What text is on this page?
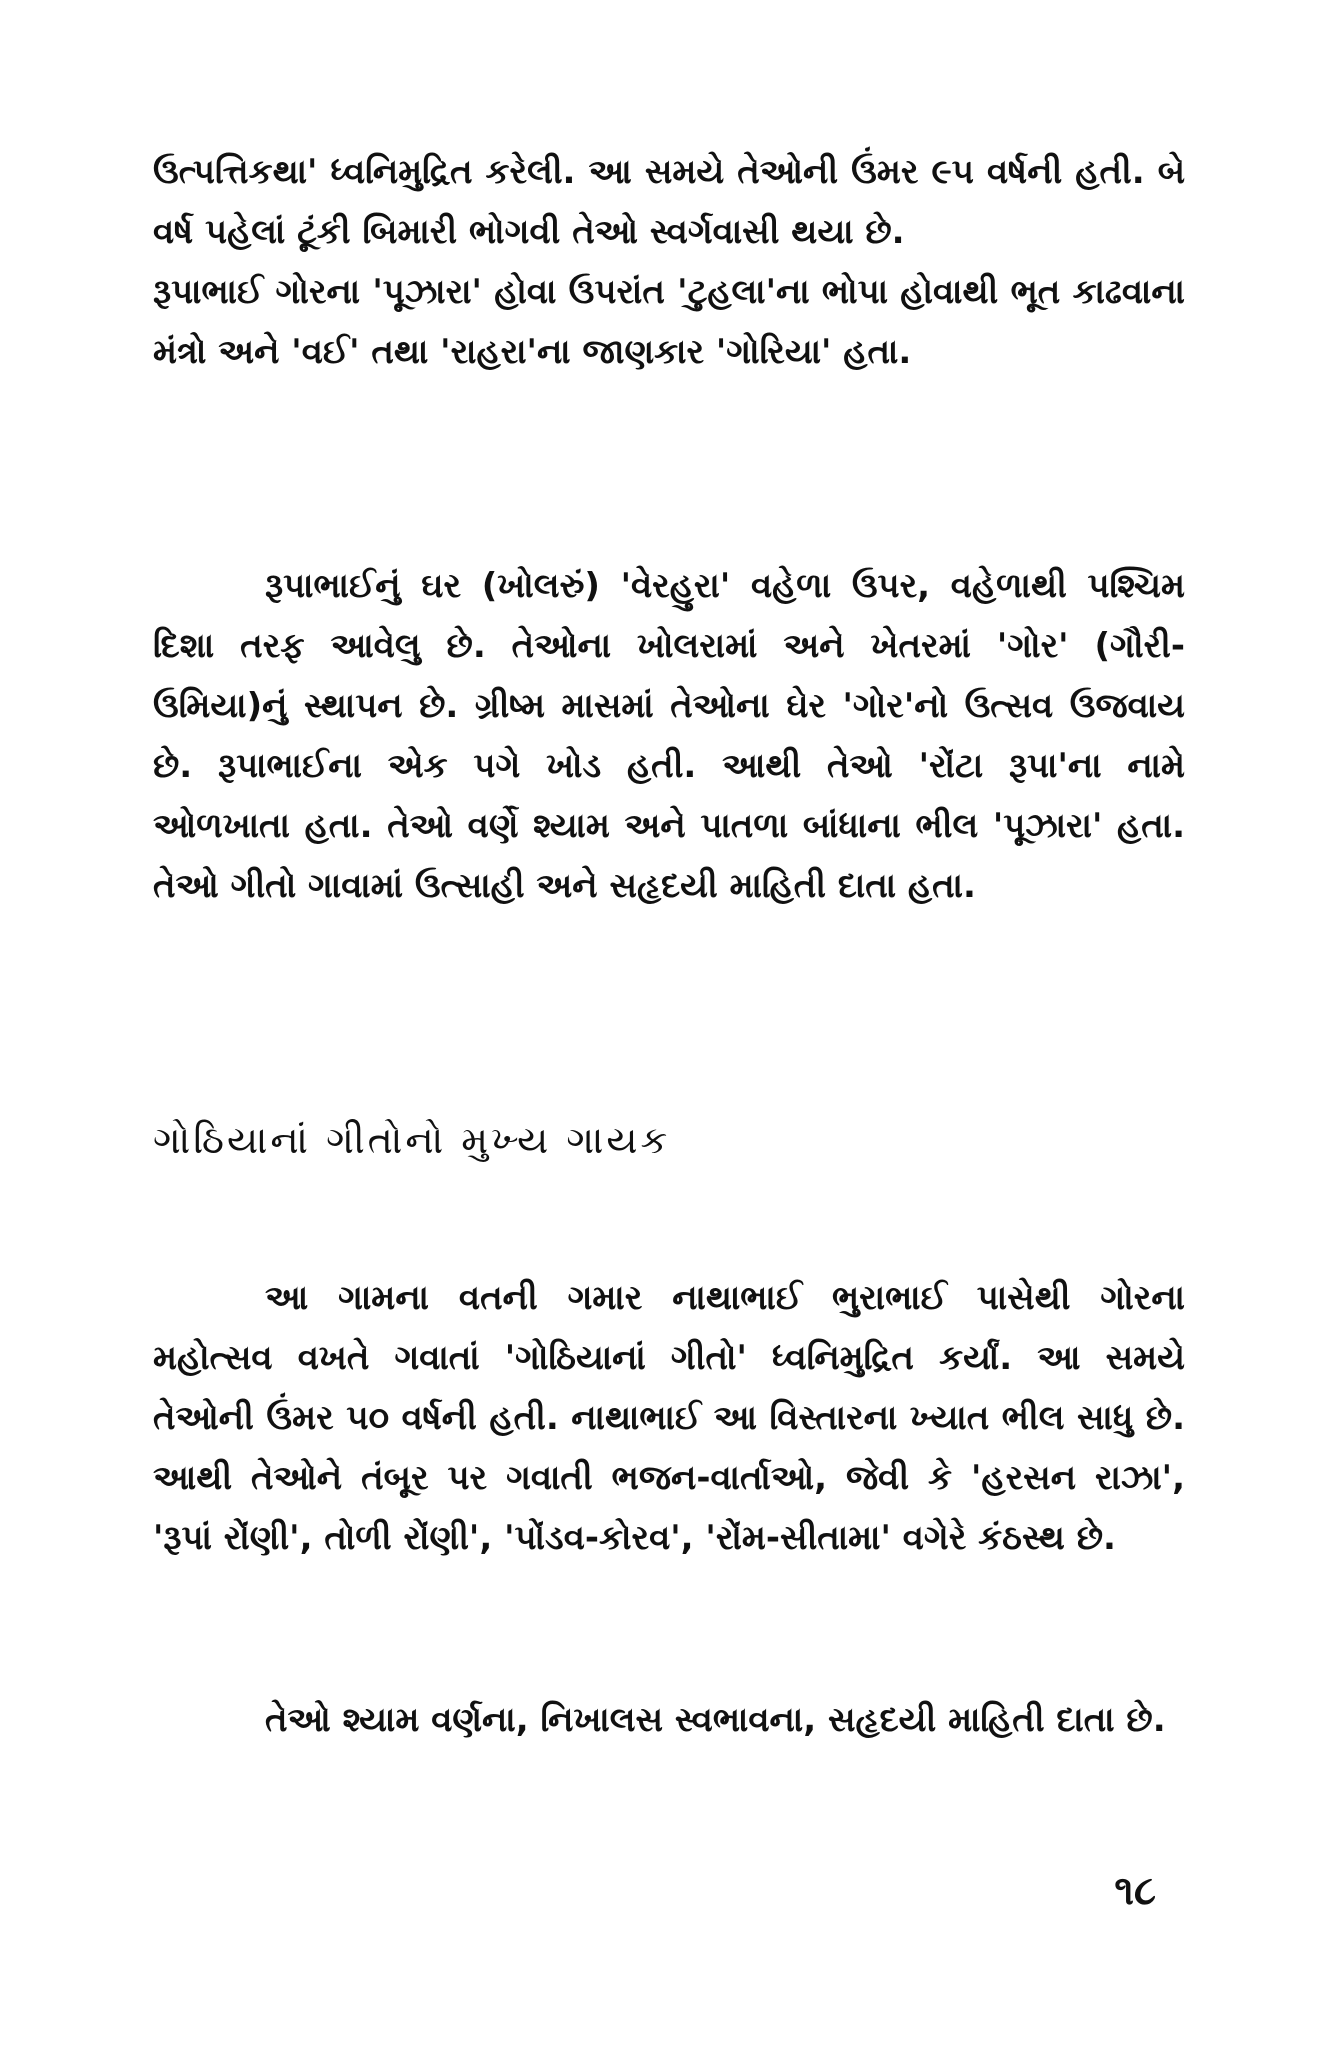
ઉત્પત્તિકથા' ધ્વનિમુદ્રિત કરેલી. આ સમયે તેઓની ઉંમર ૯૫ વર્ષની હતી. બે વર્ષ પહેલાં ટૂંકી બિમારી ભોગવી તેઓ સ્વર્ગવાસી થયા છે.
રૂપાભાઈ ગોરના 'પૂઝારા' હોવા ઉપરાંત 'ટુહલા'ના ભોપા હોવાથી ભૂત કાઢવાના મંત્રો અને 'વઈ' તથા 'રાહરા'ના જાણકાર 'ગોરિયા' હતા.

રૂપાભાઈનું ઘર (ખોલરું) 'વેરહુરા' વહેળા ઉપર, વહેળાથી પશ્ચિમ દિશા તરફ આવેલુ છે. તેઓના ખોલરામાં અને ખેતરમાં 'ગોર' (ગૌરી-ઉમિયા)નું સ્થાપન છે. ગ્રીષ્મ માસમાં તેઓના ઘેર 'ગોર'નો ઉત્સવ ઉજવાય છે. રૂપાભાઈના એક પગે ખોડ હતી. આથી તેઓ 'રોંટા રૂપા'ના નામે ઓળખાતા હતા. તેઓ વર્ણે શ્યામ અને પાતળા બાંધાના ભીલ 'પૂઝારા' હતા. તેઓ ગીતો ગાવામાં ઉત્સાહી અને સહૃદયી માહિતી દાતા હતા.

ગોઠિયાનાં ગીતોનો મુખ્ય ગાયક

આ ગામના વતની ગમાર નાથાભાઈ ભુરાભાઈ પાસેથી ગોરના મહોત્સવ વખતે ગવાતાં 'ગોઠિયાનાં ગીતો' ધ્વનિમુદ્રિત કર્યાં. આ સમયે તેઓની ઉંમર ૫૦ વર્ષની હતી. નાથાભાઈ આ વિસ્તારના ખ્યાત ભીલ સાધુ છે. આથી તેઓને તંબૂર પર ગવાતી ભજન-વાર્તાઓ, જેવી કે 'હરસન રાઝા', 'રૂપાં રોંણી', તોળી રોંણી', 'પોંડવ-કોરવ', 'રોંમ-સીતામા' વગેરે કંઠસ્થ છે.

તેઓ શ્યામ વર્ણના, નિખાલસ સ્વભાવના, સહૃદયી માહિતી દાતા છે.

૧૮
